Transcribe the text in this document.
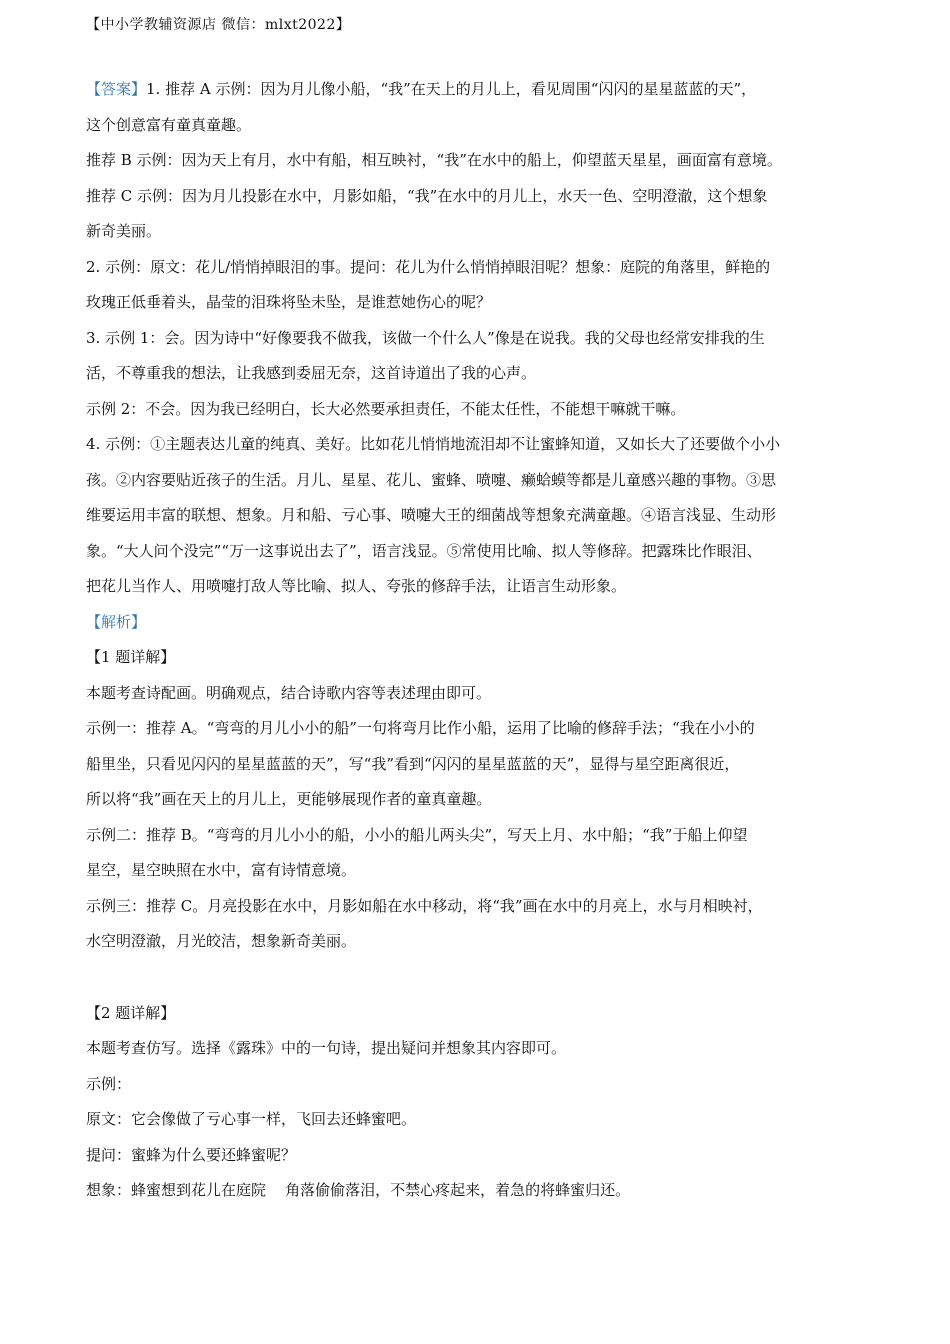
【中小学教辅资源店 微信：mlxt2022】

【答案】1. 推荐 A 示例：因为月儿像小船，“我”在天上的月儿上，看见周围“闪闪的星星蓝蓝的天”，

这个创意富有童真童趣。

推荐 B 示例：因为天上有月，水中有船，相互映衬，“我”在水中的船上，仰望蓝天星星，画面富有意境。

推荐 C 示例：因为月儿投影在水中，月影如船，“我”在水中的月儿上，水天一色、空明澄澈，这个想象

新奇美丽。

2. 示例：原文：花儿/悄悄掉眼泪的事。提问：花儿为什么悄悄掉眼泪呢？想象：庭院的角落里，鲜艳的

玫瑰正低垂着头，晶莹的泪珠将坠未坠，是谁惹她伤心的呢？

3. 示例 1：会。因为诗中“好像要我不做我，该做一个什么人”像是在说我。我的父母也经常安排我的生

活，不尊重我的想法，让我感到委屈无奈，这首诗道出了我的心声。

示例 2：不会。因为我已经明白，长大必然要承担责任，不能太任性，不能想干嘛就干嘛。

4. 示例：①主题表达儿童的纯真、美好。比如花儿悄悄地流泪却不让蜜蜂知道，又如长大了还要做个小小

孩。②内容要贴近孩子的生活。月儿、星星、花儿、蜜蜂、喷嚏、癞蛤蟆等都是儿童感兴趣的事物。③思

维要运用丰富的联想、想象。月和船、亏心事、喷嚏大王的细菌战等想象充满童趣。④语言浅显、生动形

象。“大人问个没完”“万一这事说出去了”，语言浅显。⑤常使用比喻、拟人等修辞。把露珠比作眼泪、

把花儿当作人、用喷嚏打敌人等比喻、拟人、夸张的修辞手法，让语言生动形象。

【解析】

【1 题详解】

本题考查诗配画。明确观点，结合诗歌内容等表述理由即可。

示例一：推荐 A。“弯弯的月儿小小的船”一句将弯月比作小船，运用了比喻的修辞手法；“我在小小的

船里坐，只看见闪闪的星星蓝蓝的天”，写“我”看到“闪闪的星星蓝蓝的天”，显得与星空距离很近，

所以将“我”画在天上的月儿上，更能够展现作者的童真童趣。

示例二：推荐 B。“弯弯的月儿小小的船，小小的船儿两头尖”，写天上月、水中船；“我”于船上仰望

星空，星空映照在水中，富有诗情意境。

示例三：推荐 C。月亮投影在水中，月影如船在水中移动，将“我”画在水中的月亮上，水与月相映衬，

水空明澄澈，月光皎洁，想象新奇美丽。

【2 题详解】

本题考查仿写。选择《露珠》中的一句诗，提出疑问并想象其内容即可。

示例：

原文：它会像做了亏心事一样，飞回去还蜂蜜吧。

提问：蜜蜂为什么要还蜂蜜呢？

想象：蜂蜜想到花儿在庭院    角落偷偷落泪，不禁心疼起来，着急的将蜂蜜归还。
